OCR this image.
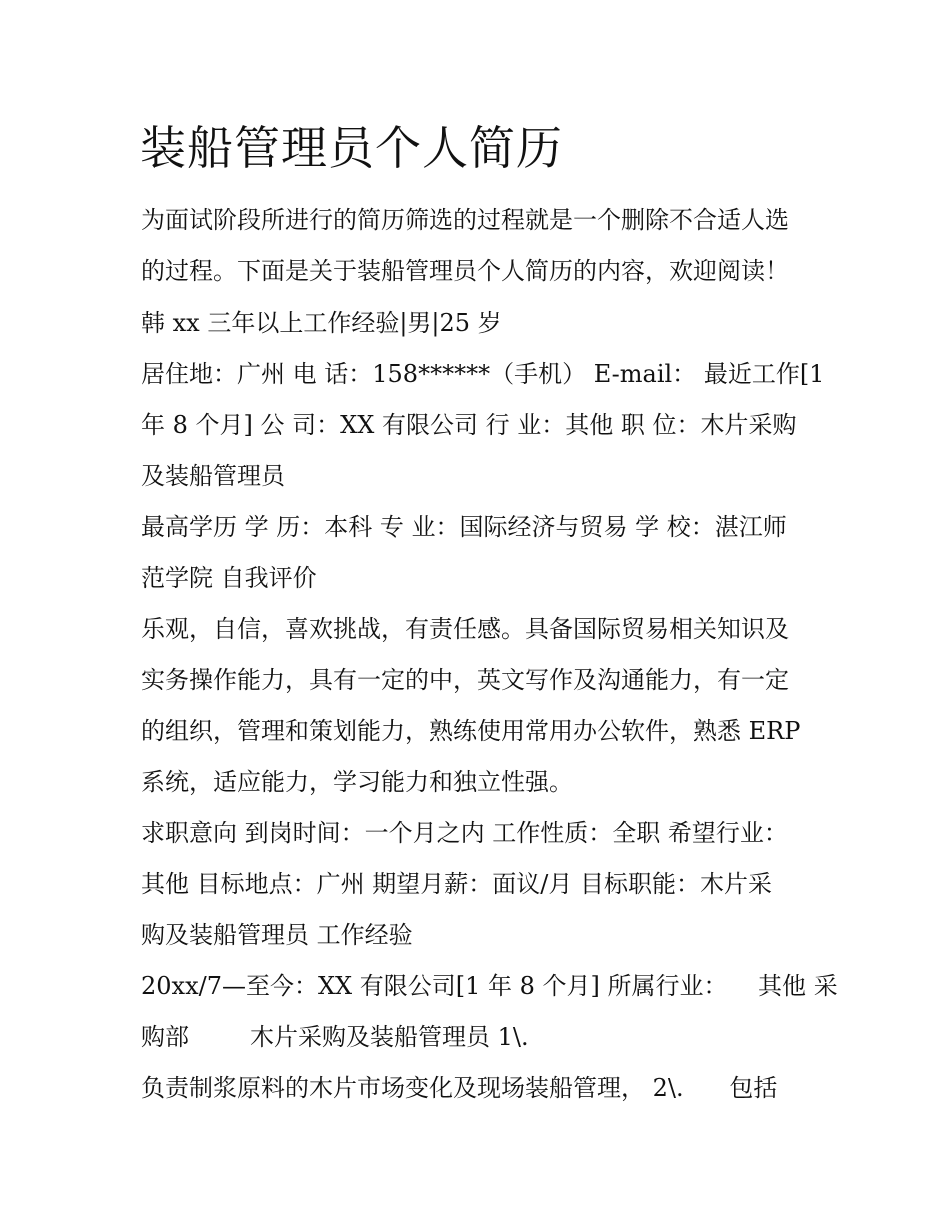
装船管理员个人简历

为面试阶段所进行的简历筛选的过程就是一个删除不合适人选

的过程。下面是关于装船管理员个人简历的内容，欢迎阅读！

韩 xx 三年以上工作经验|男|25 岁

居住地：广州 电 话：158******（手机） E-mail： 最近工作[1

年 8 个月] 公 司：XX 有限公司 行 业：其他 职 位：木片采购

及装船管理员

最高学历 学 历：本科 专 业：国际经济与贸易 学 校：湛江师

范学院 自我评价

乐观，自信，喜欢挑战，有责任感。具备国际贸易相关知识及

实务操作能力，具有一定的中，英文写作及沟通能力，有一定

的组织，管理和策划能力，熟练使用常用办公软件，熟悉 ERP

系统，适应能力，学习能力和独立性强。

求职意向 到岗时间：一个月之内 工作性质：全职 希望行业：

其他 目标地点：广州 期望月薪：面议/月 目标职能：木片采

购及装船管理员 工作经验

20xx/7—至今：XX 有限公司[1 年 8 个月] 所属行业：    其他 采

购部        木片采购及装船管理员 1\.

负责制浆原料的木片市场变化及现场装船管理， 2\.      包括
